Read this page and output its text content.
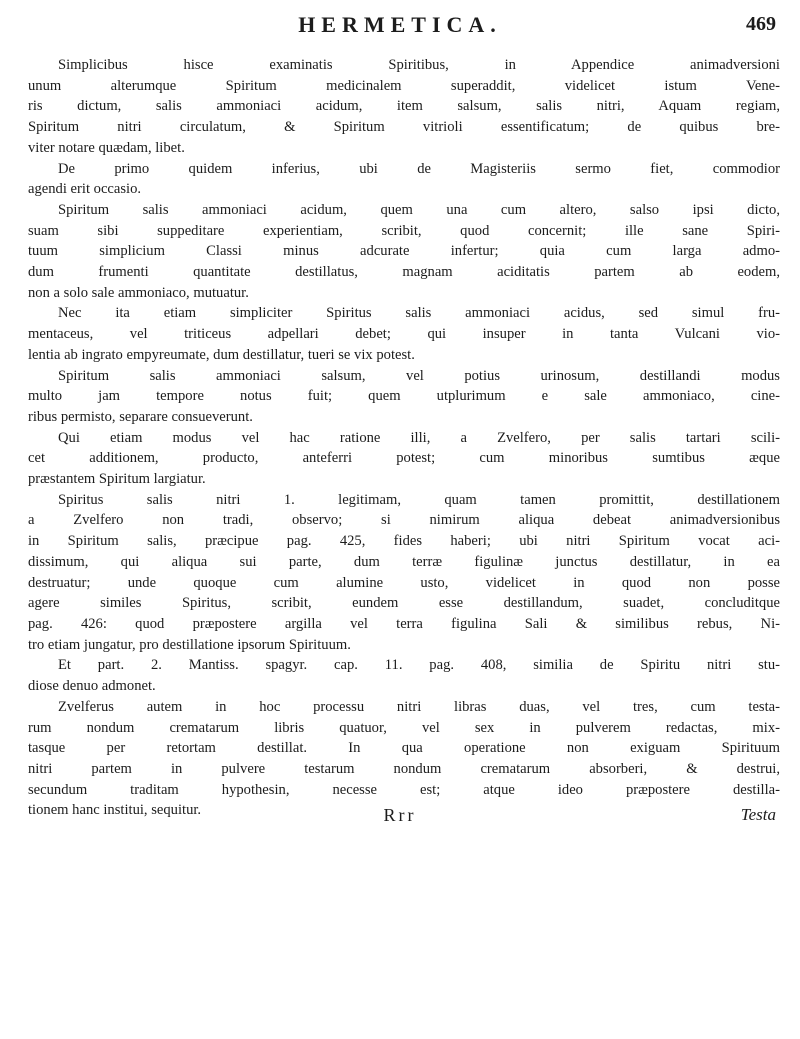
HERMETICA.	469
Simplicibus hisce examinatis Spiritibus, in Appendice animadversioni
unum alterumque Spiritum medicinalem superaddit, videlicet istum Vene-
ris dictum, salis ammoniaci acidum, item salsum, salis nitri, Aquam regiam,
Spiritum nitri circulatum, & Spiritum vitrioli essentificatum; de quibus bre-
viter notare quædam, libet.
De primo quidem inferius, ubi de Magisteriis sermo fiet, commodior
agendi erit occasio.
Spiritum salis ammoniaci acidum, quem una cum altero, salso ipsi dicto,
suam sibi suppeditare experientiam, scribit, quod concernit; ille sane Spiri-
tuum simplicium Classi minus adcurate infertur; quia cum larga admo-
dum frumenti quantitate destillatus, magnam aciditatis partem ab eodem,
non a solo sale ammoniaco, mutuatur.
Nec ita etiam simpliciter Spiritus salis ammoniaci acidus, sed simul fru-
mentaceus, vel triticeus adpellari debet; qui insuper in tanta Vulcani vio-
lentia ab ingrato empyreumate, dum destillatur, tueri se vix potest.
Spiritum salis ammoniaci salsum, vel potius urinosum, destillandi modus
multo jam tempore notus fuit; quem utplurimum e sale ammoniaco, cine-
ribus permisto, separare consueverunt.
Qui etiam modus vel hac ratione illi, a Zvelfero, per salis tartari scili-
cet additionem, producto, anteferri potest; cum minoribus sumtibus æque
præstantem Spiritum largiatur.
Spiritus salis nitri 1. legitimam, quam tamen promittit, destillationem
a Zvelfero non tradi, observo; si nimirum aliqua debeat animadversionibus
in Spiritum salis, præcipue pag. 425, fides haberi; ubi nitri Spiritum vocat aci-
dissimum, qui aliqua sui parte, dum terræ figulinæ junctus destillatur, in ea
destruatur; unde quoque cum alumine usto, videlicet in quod non posse
agere similes Spiritus, scribit, eundem esse destillandum, suadet, concluditque
pag. 426: quod præpostere argilla vel terra figulina Sali & similibus rebus, Ni-
tro etiam jungatur, pro destillatione ipsorum Spirituum.
Et part. 2. Mantiss. spagyr. cap. 11. pag. 408, similia de Spiritu nitri stu-
diose denuo admonet.
Zvelferus autem in hoc processu nitri libras duas, vel tres, cum testa-
rum nondum crematarum libris quatuor, vel sex in pulverem redactas, mix-
tasque per retortam destillat. In qua operatione non exiguam Spirituum
nitri partem in pulvere testarum nondum crematarum absorberi, & destrui,
secundum traditam hypothesin, necesse est; atque ideo præpostere destilla-
tionem hanc institui, sequitur.	Rrr	Testa
